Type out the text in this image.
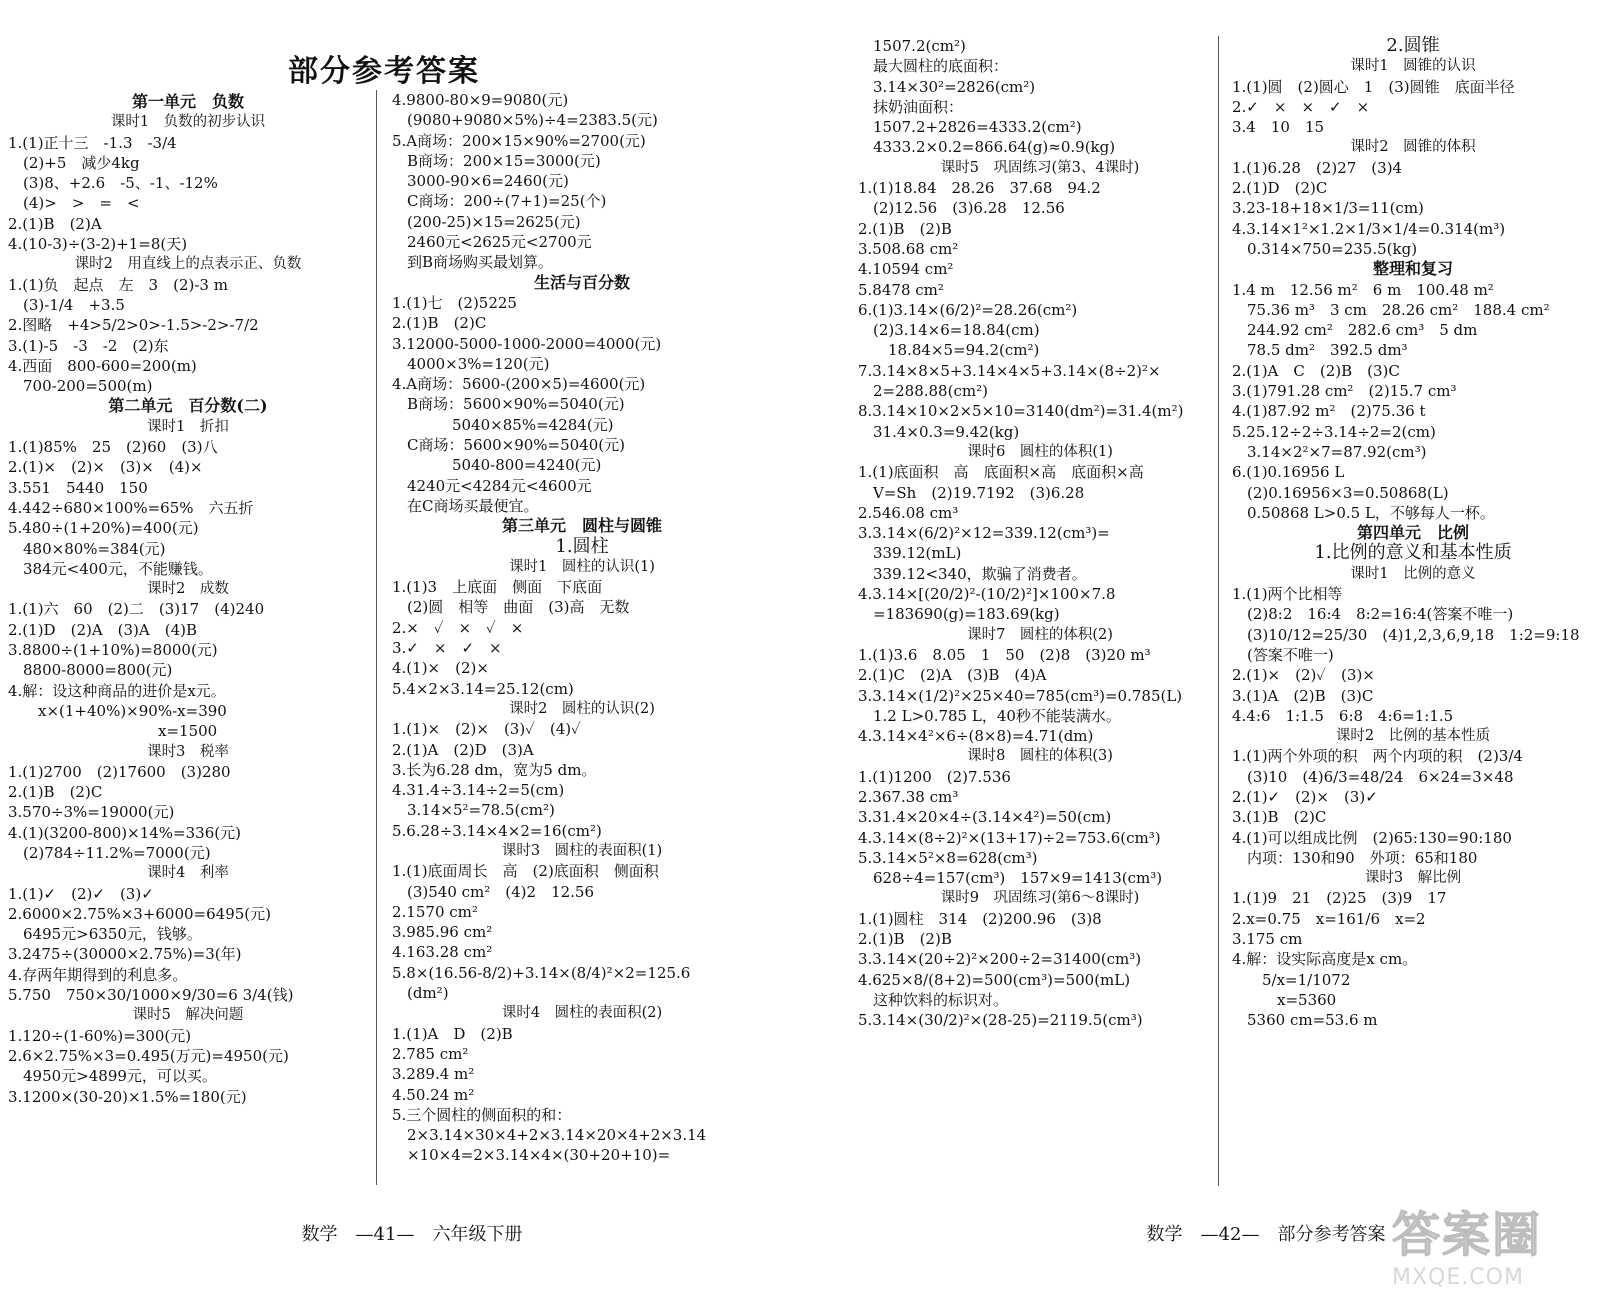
部分参考答案
第一单元　负数
课时1　负数的初步认识
1.(1)正十三　-1.3　-3/4
　(2)+5　减少4kg
　(3)8、+2.6　-5、-1、-12%
　(4)>　>　=　<
2.(1)B　(2)A
4.(10-3)÷(3-2)+1=8(天)
课时2　用直线上的点表示正、负数
1.(1)负　起点　左　3　(2)-3 m
　(3)-1/4　+3.5
2.图略　+4>5/2>0>-1.5>-2>-7/2
3.(1)-5　-3　-2　(2)东
4.西面　800-600=200(m)
　700-200=500(m)
第二单元　百分数(二)
课时1　折扣
1.(1)85%　25　(2)60　(3)八
2.(1)×　(2)×　(3)×　(4)×
3.551　5440　150
4.442÷680×100%=65%　六五折
5.480÷(1+20%)=400(元)
　480×80%=384(元)
　384元<400元，不能赚钱。
课时2　成数
1.(1)六　60　(2)二　(3)17　(4)240
2.(1)D　(2)A　(3)A　(4)B
3.8800÷(1+10%)=8000(元)
　8800-8000=800(元)
4.解：设这种商品的进价是x元。
　　x×(1+40%)×90%-x=390
　　　　　　　　　　x=1500
课时3　税率
1.(1)2700　(2)17600　(3)280
2.(1)B　(2)C
3.570÷3%=19000(元)
4.(1)(3200-800)×14%=336(元)
　(2)784÷11.2%=7000(元)
课时4　利率
1.(1)✓　(2)✓　(3)✓
2.6000×2.75%×3+6000=6495(元)
　6495元>6350元，钱够。
3.2475÷(30000×2.75%)=3(年)
4.存两年期得到的利息多。
5.750　750×30/1000×9/30=6 3/4(钱)
课时5　解决问题
1.120÷(1-60%)=300(元)
2.6×2.75%×3=0.495(万元)=4950(元)
　4950元>4899元，可以买。
3.1200×(30-20)×1.5%=180(元)
4.9800-80×9=9080(元)
　(9080+9080×5%)÷4=2383.5(元)
5.A商场：200×15×90%=2700(元)
　B商场：200×15=3000(元)
　3000-90×6=2460(元)
　C商场：200÷(7+1)=25(个)
　(200-25)×15=2625(元)
　2460元<2625元<2700元
　到B商场购买最划算。
生活与百分数
1.(1)七　(2)5225
2.(1)B　(2)C
3.12000-5000-1000-2000=4000(元)
　4000×3%=120(元)
4.A商场：5600-(200×5)=4600(元)
　B商场：5600×90%=5040(元)
　　　　5040×85%=4284(元)
　C商场：5600×90%=5040(元)
　　　　5040-800=4240(元)
　4240元<4284元<4600元
　在C商场买最便宜。
第三单元　圆柱与圆锥
1.圆柱
课时1　圆柱的认识(1)
1.(1)3　上底面　侧面　下底面
　(2)圆　相等　曲面　(3)高　无数
2.×　✓　×　✓　×
3.✓　×　✓　×
4.(1)×　(2)×
5.4×2×3.14=25.12(cm)
课时2　圆柱的认识(2)
1.(1)×　(2)×　(3)✓　(4)✓
2.(1)A　(2)D　(3)A
3.长为6.28 dm，宽为5 dm。
4.31.4÷3.14÷2=5(cm)
　3.14×5²=78.5(cm²)
5.6.28÷3.14×4×2=16(cm²)
课时3　圆柱的表面积(1)
1.(1)底面周长　高　(2)底面积　侧面积
　(3)540 cm²　(4)2　12.56
2.1570 cm²
3.985.96 cm²
4.163.28 cm²
5.8×(16.56-8/2)+3.14×(8/4)²×2=125.6
　(dm²)
课时4　圆柱的表面积(2)
1.(1)A　D　(2)B
2.785 cm²
3.289.4 m²
4.50.24 m²
5.三个圆柱的侧面积的和：
　2×3.14×30×4+2×3.14×20×4+2×3.14
　×10×4=2×3.14×4×(30+20+10)=
　1507.2(cm²)
　最大圆柱的底面积：
　3.14×30²=2826(cm²)
　抹奶油面积：
　1507.2+2826=4333.2(cm²)
　4333.2×0.2=866.64(g)≈0.9(kg)
课时5　巩固练习(第3、4课时)
1.(1)18.84　28.26　37.68　94.2
　(2)12.56　(3)6.28　12.56
2.(1)B　(2)B
3.508.68 cm²
4.10594 cm²
5.8478 cm²
6.(1)3.14×(6/2)²=28.26(cm²)
　(2)3.14×6=18.84(cm)
　　18.84×5=94.2(cm²)
7.3.14×8×5+3.14×4×5+3.14×(8÷2)²×
　2=288.88(cm²)
8.3.14×10×2×5×10=3140(dm²)=31.4(m²)
　31.4×0.3=9.42(kg)
课时6　圆柱的体积(1)
1.(1)底面积　高　底面积×高　底面积×高
　V=Sh　(2)19.7192　(3)6.28
2.546.08 cm³
3.3.14×(6/2)²×12=339.12(cm³)=
　339.12(mL)
　339.12<340，欺骗了消费者。
4.3.14×[(20/2)²-(10/2)²]×100×7.8
　=183690(g)=183.69(kg)
课时7　圆柱的体积(2)
1.(1)3.6　8.05　1　50　(2)8　(3)20 m³
2.(1)C　(2)A　(3)B　(4)A
3.3.14×(1/2)²×25×40=785(cm³)=0.785(L)
　1.2 L>0.785 L，40秒不能装满水。
4.3.14×4²×6÷(8×8)=4.71(dm)
课时8　圆柱的体积(3)
1.(1)1200　(2)7.536
2.367.38 cm³
3.31.4×20×4÷(3.14×4²)=50(cm)
4.3.14×(8÷2)²×(13+17)÷2=753.6(cm³)
5.3.14×5²×8=628(cm³)
　628÷4=157(cm³)　157×9=1413(cm³)
课时9　巩固练习(第6～8课时)
1.(1)圆柱　314　(2)200.96　(3)8
2.(1)B　(2)B
3.3.14×(20÷2)²×200÷2=31400(cm³)
4.625×8/(8+2)=500(cm³)=500(mL)
　这种饮料的标识对。
5.3.14×(30/2)²×(28-25)=2119.5(cm³)
2.圆锥
课时1　圆锥的认识
1.(1)圆　(2)圆心　1　(3)圆锥　底面半径
2.✓　×　×　✓　×
3.4　10　15
课时2　圆锥的体积
1.(1)6.28　(2)27　(3)4
2.(1)D　(2)C
3.23-18+18×1/3=11(cm)
4.3.14×1²×1.2×1/3×1/4=0.314(m³)
　0.314×750=235.5(kg)
整理和复习
1.4 m　12.56 m²　6 m　100.48 m²
　75.36 m³　3 cm　28.26 cm²　188.4 cm²
　244.92 cm²　282.6 cm³　5 dm
　78.5 dm²　392.5 dm³
2.(1)A　C　(2)B　(3)C
3.(1)791.28 cm²　(2)15.7 cm³
4.(1)87.92 m²　(2)75.36 t
5.25.12÷2÷3.14÷2=2(cm)
　3.14×2²×7=87.92(cm³)
6.(1)0.16956 L
　(2)0.16956×3=0.50868(L)
　0.50868 L>0.5 L，不够每人一杯。
第四单元　比例
1.比例的意义和基本性质
课时1　比例的意义
1.(1)两个比相等
　(2)8:2　16:4　8:2=16:4(答案不唯一)
　(3)10/12=25/30　(4)1,2,3,6,9,18　1:2=9:18
　(答案不唯一)
2.(1)×　(2)✓　(3)×
3.(1)A　(2)B　(3)C
4.4:6　1:1.5　6:8　4:6=1:1.5
课时2　比例的基本性质
1.(1)两个外项的积　两个内项的积　(2)3/4
　(3)10　(4)6/3=48/24　6×24=3×48
2.(1)✓　(2)×　(3)✓
3.(1)B　(2)C
4.(1)可以组成比例　(2)65:130=90:180
　内项：130和90　外项：65和180
课时3　解比例
1.(1)9　21　(2)25　(3)9　17
2.x=0.75　x=161/6　x=2
3.175 cm
4.解：设实际高度是x cm。
　　5/x=1/1072
　　　x=5360
　5360 cm=53.6 m
数学　—41—　六年级下册	数学　—42—　部分参考答案 答案圈
MXQE.COM
